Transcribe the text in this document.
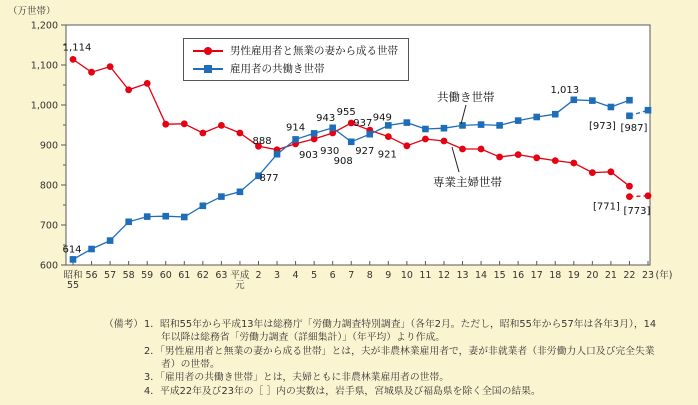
600
700
800
900
1,000
1,100
1,200
（万世帯）
昭和
55
56 57 58 59 60 61 62 63 平成
元
2 3 4 5 6 7 8 9 10 11 12 13 14 15 16 17 18 19 20 21 22 23 (年)
[771] [773]
[973] [987]
1,114
888
903 930
955
937
921
614
877
914
943
908
927
949
1,013
共働き世帯
専業主婦世帯
男性雇用者と無業の妻から成る世帯
雇用者の共働き世帯
（備考） 1．昭和55年から平成13年は総務庁「労働力調査特別調査」（各年2月。ただし，昭和55年から57年は各年3月），14年以降は総務省「労働力調査（詳細集計）」（年平均）より作成。
2．「男性雇用者と無業の妻から成る世帯」とは，夫が非農林業雇用者で，妻が非就業者（非労働力人口及び完全失業者）の世帯。
3．「雇用者の共働き世帯」とは，夫婦ともに非農林業雇用者の世帯。
4．平成22年及び23年の［ ］内の実数は，岩手県，宮城県及び福島県を除く全国の結果。
